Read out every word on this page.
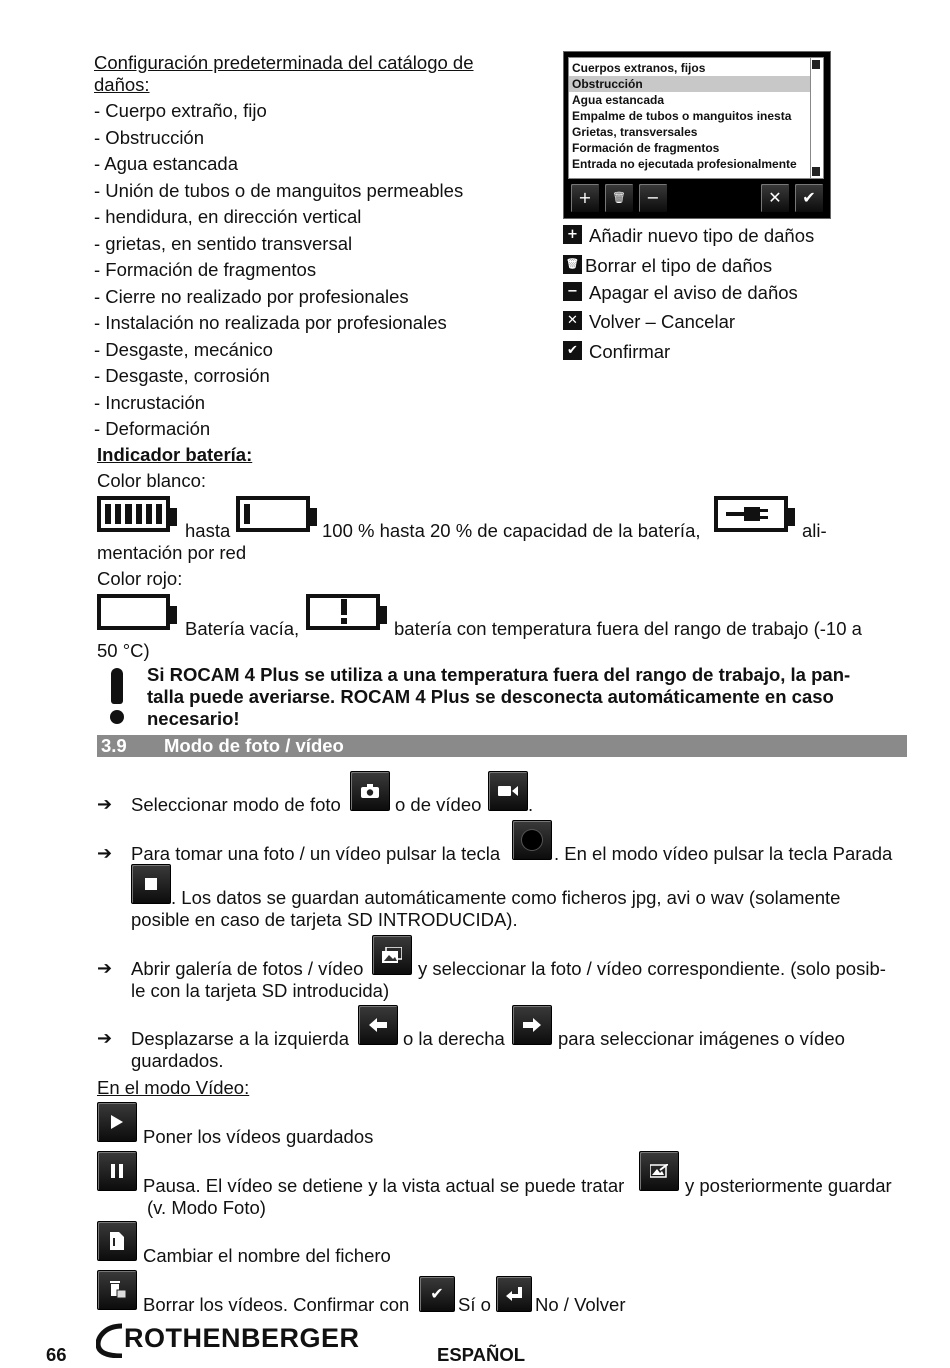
Configuración predeterminada del catálogo de
daños:
- Cuerpo extraño, fijo
- Obstrucción
- Agua estancada
- Unión de tubos o de manguitos permeables
- hendidura, en dirección vertical
- grietas, en sentido transversal
- Formación de fragmentos
- Cierre no realizado por profesionales
- Instalación no realizada por profesionales
- Desgaste, mecánico
- Desgaste, corrosión
- Incrustación
- Deformación
Cuerpos extranos, fijos
Obstrucción
Agua estancada
Empalme de tubos o manguitos inesta
Grietas, transversales
Formación de fragmentos
Entrada no ejecutada profesionalmente
+	🗑	−	✕	✔
+ Añadir nuevo tipo de daños
🗑 Borrar el tipo de daños
− Apagar el aviso de daños
✕ Volver – Cancelar
✔ Confirmar
Indicador batería:
Color blanco:
hasta	100 % hasta 20 % de capacidad de la batería,	ali-
mentación por red
Color rojo:
Batería vacía,	batería con temperatura fuera del rango de trabajo (-10 a
50 °C)
Si ROCAM 4 Plus se utiliza a una temperatura fuera del rango de trabajo, la pan-
talla puede averiarse. ROCAM 4 Plus se desconecta automáticamente en caso
necesario!
3.9 Modo de foto / vídeo
➔ Seleccionar modo de foto	o de vídeo	.
➔ Para tomar una foto / un vídeo pulsar la tecla	. En el modo vídeo pulsar la tecla Parada
. Los datos se guardan automáticamente como ficheros jpg, avi o wav (solamente
posible en caso de tarjeta SD INTRODUCIDA).
➔ Abrir galería de fotos / vídeo	y seleccionar la foto / vídeo correspondiente. (solo posib-
le con la tarjeta SD introducida)
➔ Desplazarse a la izquierda	o la derecha	para seleccionar imágenes o vídeo
guardados.
En el modo Vídeo:
Poner los vídeos guardados
Pausa. El vídeo se detiene y la vista actual se puede tratar	y posteriormente guardar
(v. Modo Foto)
Cambiar el nombre del fichero
Borrar los vídeos. Confirmar con
✔
Sí o No / Volver
66
ROTHENBERGER
ESPAÑOL
